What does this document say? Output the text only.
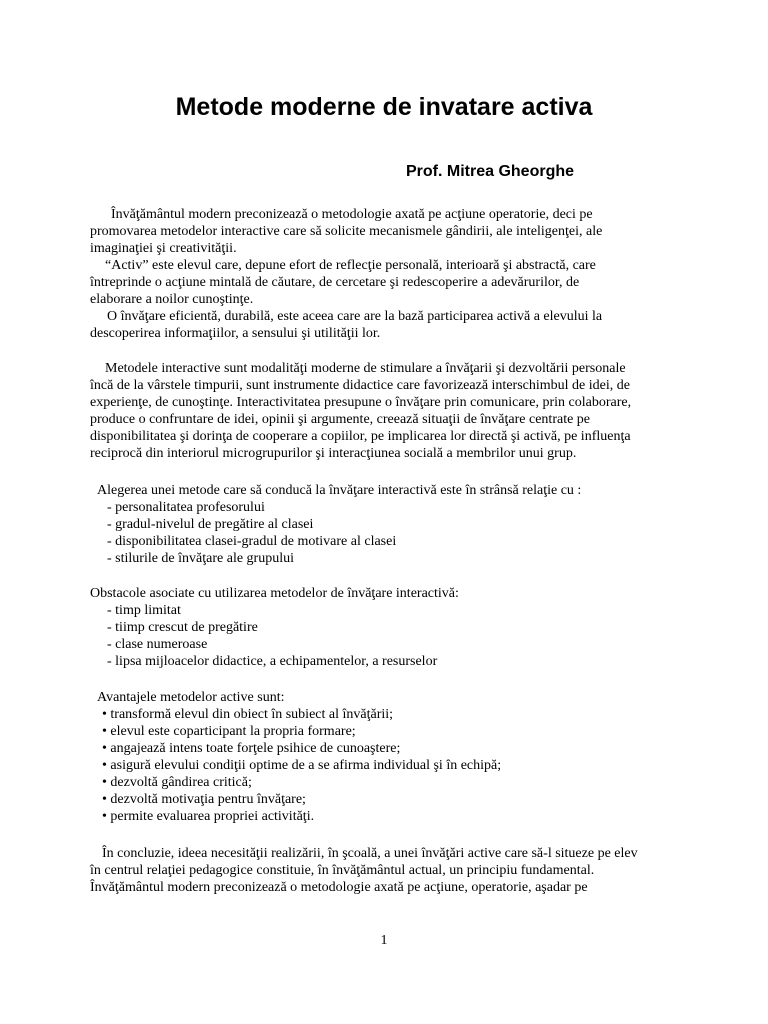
Metode moderne de invatare activa
Prof. Mitrea Gheorghe
Învăţământul modern preconizează o metodologie axată pe acţiune operatorie, deci pe
promovarea metodelor interactive care să solicite mecanismele gândirii, ale inteligenţei, ale
imaginaţiei şi creativităţii.
“Activ” este elevul care, depune efort de reflecţie personală, interioară şi abstractă, care
întreprinde o acţiune mintală de căutare, de cercetare şi redescoperire a adevărurilor, de
elaborare a noilor cunoştinţe.
O învăţare eficientă, durabilă, este aceea care are la bază participarea activă a elevului la
descoperirea informaţiilor, a sensului şi utilităţii lor.
Metodele interactive sunt modalităţi moderne de stimulare a învăţarii şi dezvoltării personale
încă de la vârstele timpurii, sunt instrumente didactice care favorizează interschimbul de idei, de
experienţe, de cunoştinţe. Interactivitatea presupune o învăţare prin comunicare, prin colaborare,
produce o confruntare de idei, opinii şi argumente, creează situaţii de învăţare centrate pe
disponibilitatea şi dorinţa de cooperare a copiilor, pe implicarea lor directă şi activă, pe influenţa
reciprocă din interiorul microgrupurilor şi interacţiunea socială a membrilor unui grup.
Alegerea unei metode care să conducă la învăţare interactivă este în strânsă relaţie cu :
- personalitatea profesorului
- gradul-nivelul de pregătire al clasei
- disponibilitatea clasei-gradul de motivare al clasei
- stilurile de învăţare ale grupului
Obstacole asociate cu utilizarea metodelor de învăţare interactivă:
- timp limitat
- tiimp crescut de pregătire
- clase numeroase
- lipsa mijloacelor didactice, a echipamentelor, a resurselor
Avantajele metodelor active sunt:
• transformă elevul din obiect în subiect al învăţării;
• elevul este coparticipant la propria formare;
• angajează intens toate forţele psihice de cunoaştere;
• asigură elevului condiţii optime de a se afirma individual şi în echipă;
• dezvoltă gândirea critică;
• dezvoltă motivaţia pentru învăţare;
• permite evaluarea propriei activităţi.
În concluzie, ideea necesităţii realizării, în şcoală, a unei învăţări active care să-l situeze pe elev
în centrul relaţiei pedagogice constituie, în învăţământul actual, un principiu fundamental.
Învăţământul modern preconizează o metodologie axată pe acţiune, operatorie, aşadar pe
1
